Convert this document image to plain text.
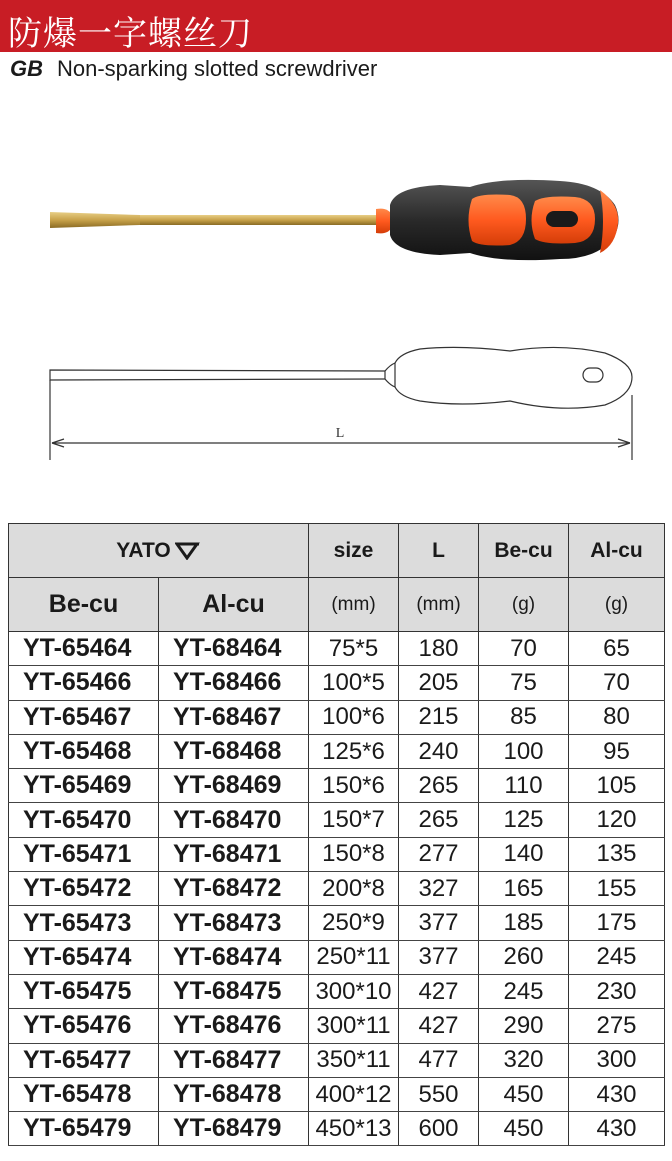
防爆一字螺丝刀
GB Non-sparking slotted screwdriver
L
YATO		size	L	Be-cu	Al-cu
Be-cu	Al-cu	(mm)	(mm)	(g)	(g)
YT-65464	YT-68464	75*5	180	70	65
YT-65466	YT-68466	100*5	205	75	70
YT-65467	YT-68467	100*6	215	85	80
YT-65468	YT-68468	125*6	240	100	95
YT-65469	YT-68469	150*6	265	110	105
YT-65470	YT-68470	150*7	265	125	120
YT-65471	YT-68471	150*8	277	140	135
YT-65472	YT-68472	200*8	327	165	155
YT-65473	YT-68473	250*9	377	185	175
YT-65474	YT-68474	250*11	377	260	245
YT-65475	YT-68475	300*10	427	245	230
YT-65476	YT-68476	300*11	427	290	275
YT-65477	YT-68477	350*11	477	320	300
YT-65478	YT-68478	400*12	550	450	430
YT-65479	YT-68479	450*13	600	450	430
